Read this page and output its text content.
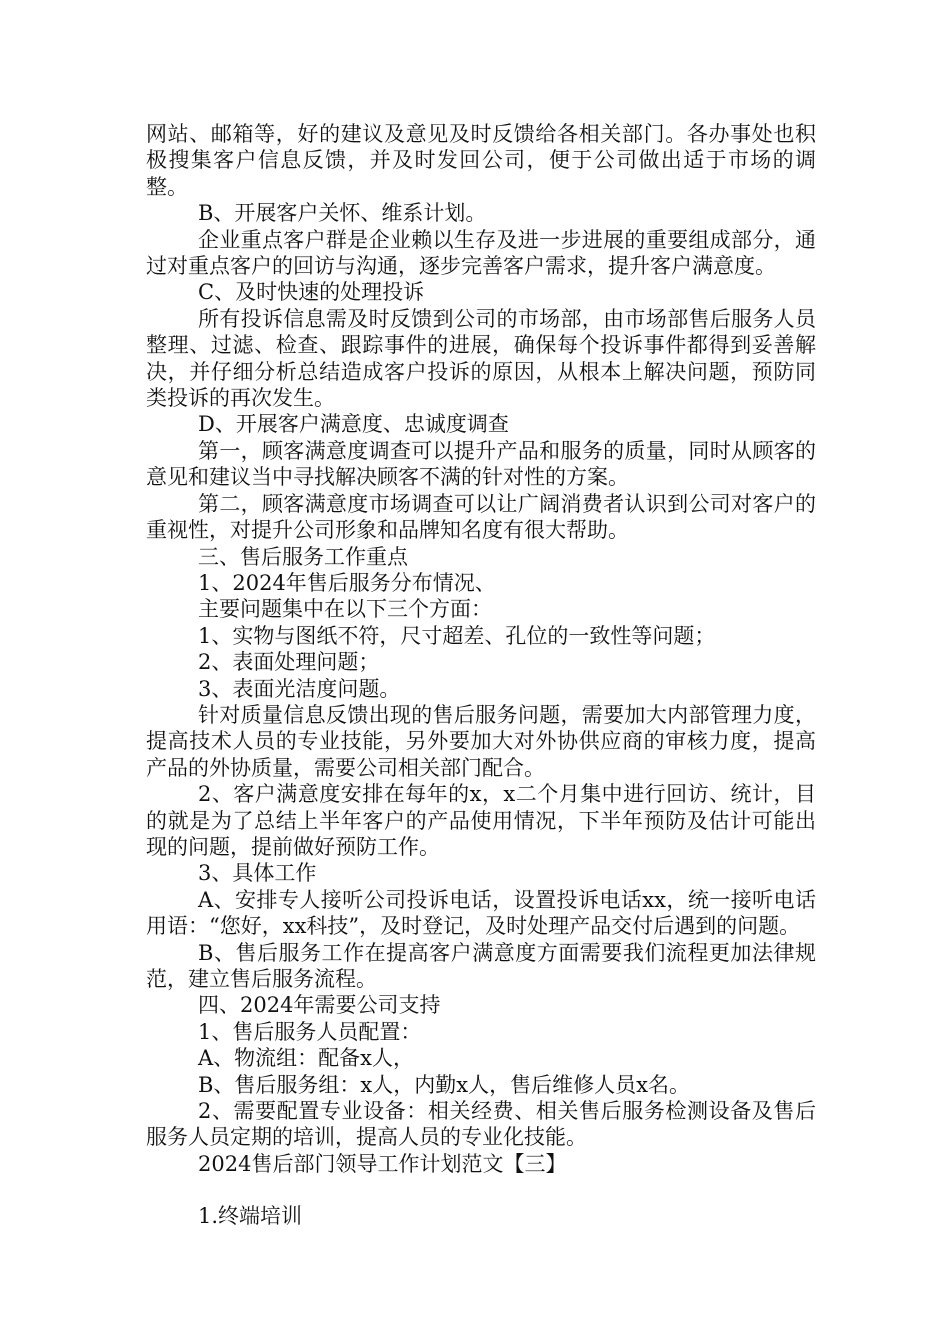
网站、邮箱等，好的建议及意见及时反馈给各相关部门。各办事处也积极搜集客户信息反馈，并及时发回公司，便于公司做出适于市场的调整。

B、开展客户关怀、维系计划。

企业重点客户群是企业赖以生存及进一步进展的重要组成部分，通过对重点客户的回访与沟通，逐步完善客户需求，提升客户满意度。

C、及时快速的处理投诉

所有投诉信息需及时反馈到公司的市场部，由市场部售后服务人员整理、过滤、检查、跟踪事件的进展，确保每个投诉事件都得到妥善解决，并仔细分析总结造成客户投诉的原因，从根本上解决问题，预防同类投诉的再次发生。

D、开展客户满意度、忠诚度调查

第一，顾客满意度调查可以提升产品和服务的质量，同时从顾客的意见和建议当中寻找解决顾客不满的针对性的方案。

第二，顾客满意度市场调查可以让广阔消费者认识到公司对客户的重视性，对提升公司形象和品牌知名度有很大帮助。

三、售后服务工作重点

1、2024年售后服务分布情况、

主要问题集中在以下三个方面：

1、实物与图纸不符，尺寸超差、孔位的一致性等问题；

2、表面处理问题；

3、表面光洁度问题。

针对质量信息反馈出现的售后服务问题，需要加大内部管理力度，提高技术人员的专业技能，另外要加大对外协供应商的审核力度，提高产品的外协质量，需要公司相关部门配合。

2、客户满意度安排在每年的x，x二个月集中进行回访、统计，目的就是为了总结上半年客户的产品使用情况，下半年预防及估计可能出现的问题，提前做好预防工作。

3、具体工作

A、安排专人接听公司投诉电话，设置投诉电话xx，统一接听电话用语：“您好，xx科技”，及时登记，及时处理产品交付后遇到的问题。

B、售后服务工作在提高客户满意度方面需要我们流程更加法律规范，建立售后服务流程。

四、2024年需要公司支持

1、售后服务人员配置：

A、物流组：配备x人，

B、售后服务组：x人，内勤x人，售后维修人员x名。

2、需要配置专业设备：相关经费、相关售后服务检测设备及售后服务人员定期的培训，提高人员的专业化技能。

2024售后部门领导工作计划范文【三】

1.终端培训
